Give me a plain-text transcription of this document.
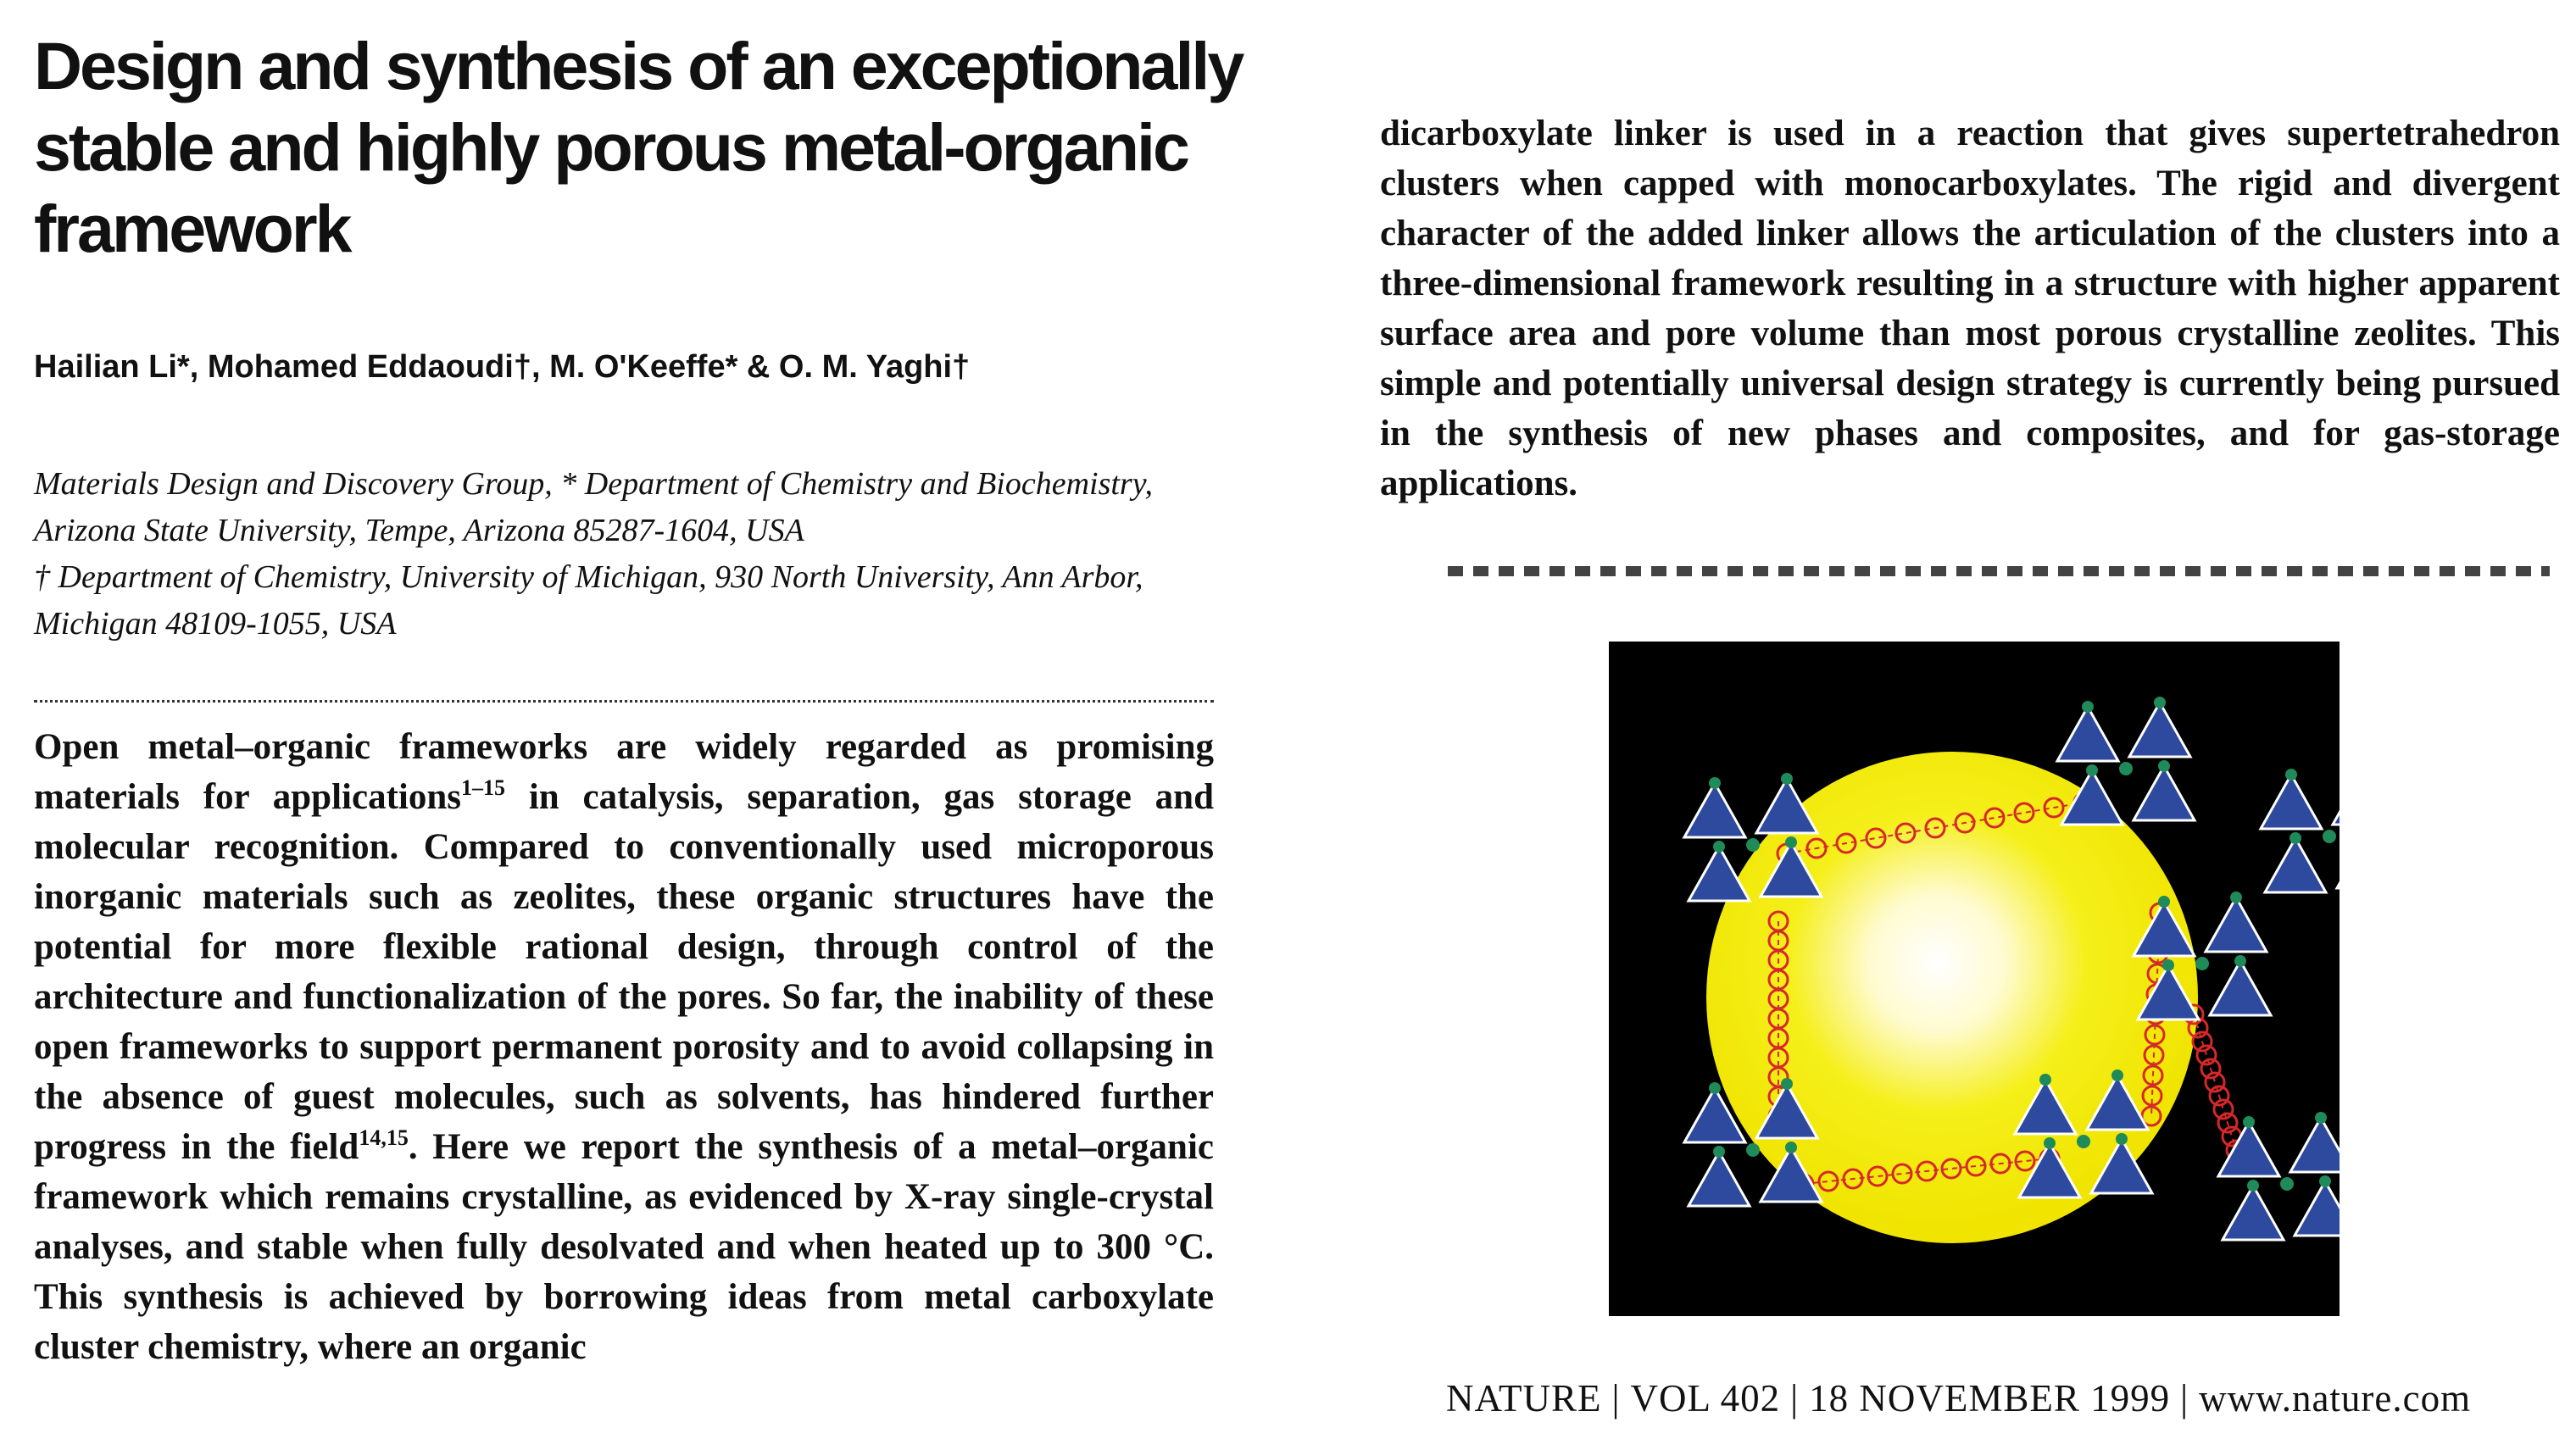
Design and synthesis of an exceptionally stable and highly porous metal-organic framework
Hailian Li*, Mohamed Eddaoudi†, M. O'Keeffe* & O. M. Yaghi†

Materials Design and Discovery Group, * Department of Chemistry and Biochemistry, Arizona State University, Tempe, Arizona 85287-1604, USA

† Department of Chemistry, University of Michigan, 930 North University, Ann Arbor, Michigan 48109-1055, USA

Open metal–organic frameworks are widely regarded as promising materials for applications$^{1-15}$ in catalysis, separation, gas storage and molecular recognition. Compared to conventionally used microporous inorganic materials such as zeolites, these organic structures have the potential for more flexible rational design, through control of the architecture and functionalization of the pores. So far, the inability of these open frameworks to support permanent porosity and to avoid collapsing in the absence of guest molecules, such as solvents, has hindered further progress in the field$^{14,15}$. Here we report the synthesis of a metal–organic framework which remains crystalline, as evidenced by X-ray single-crystal analyses, and stable when fully desolvated and when heated up to 300 °C. This synthesis is achieved by borrowing ideas from metal carboxylate cluster chemistry, where an organic

dicarboxylate linker is used in a reaction that gives supertetrahedron clusters when capped with monocarboxylates. The rigid and divergent character of the added linker allows the articulation of the clusters into a three-dimensional framework resulting in a structure with higher apparent surface area and pore volume than most porous crystalline zeolites. This simple and potentially universal design strategy is currently being pursued in the synthesis of new phases and composites, and for gas-storage applications.

NATURE | VOL 402 | 18 NOVEMBER 1999 | www.nature.com
